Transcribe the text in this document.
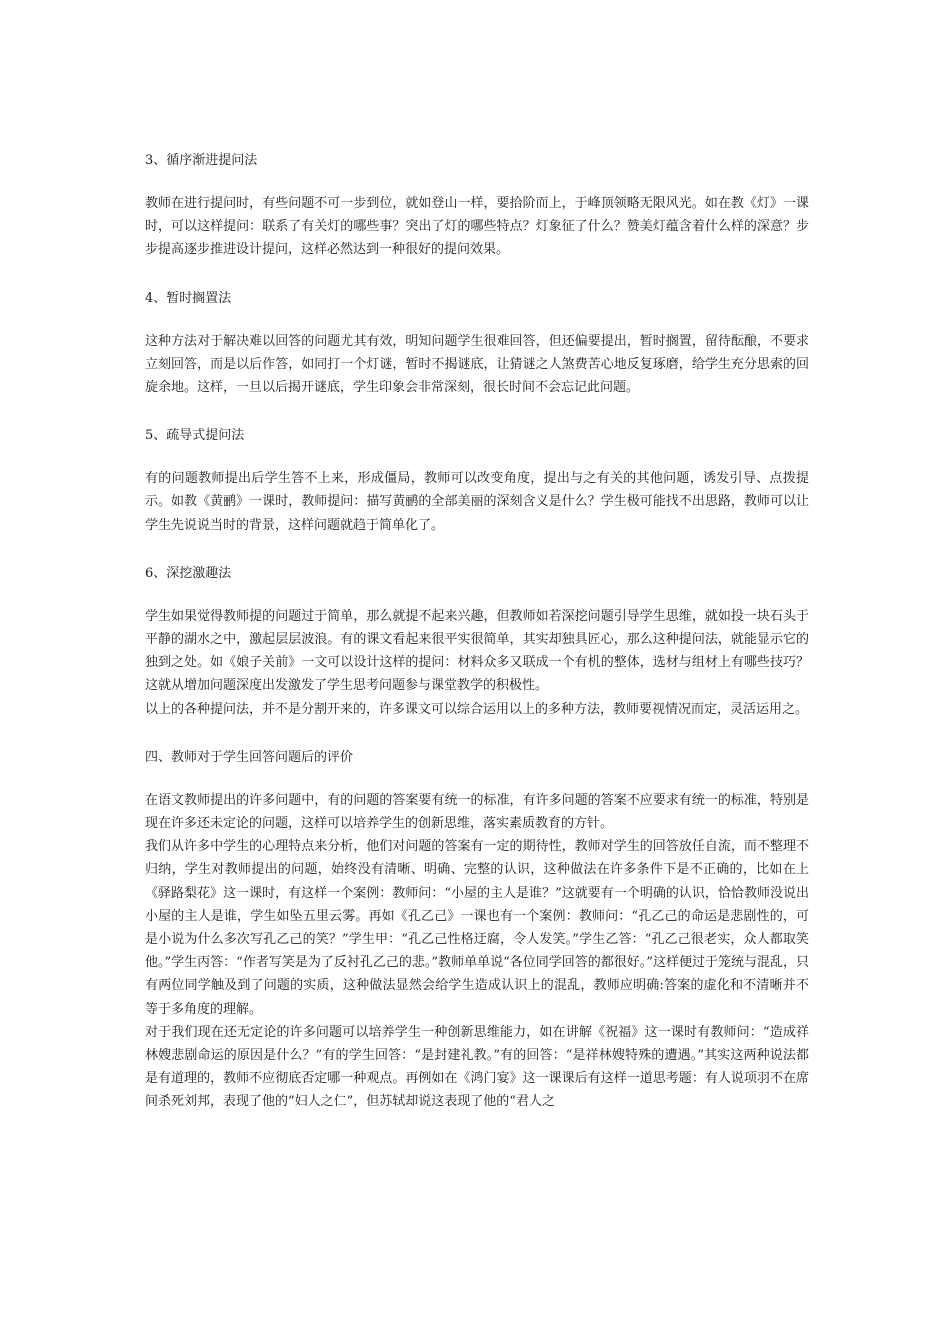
3、循序渐进提问法

教师在进行提问时，有些问题不可一步到位，就如登山一样，要拾阶而上，于峰顶领略无限风光。如在教《灯》一课时，可以这样提问：联系了有关灯的哪些事？突出了灯的哪些特点？灯象征了什么？赞美灯蕴含着什么样的深意？步步提高逐步推进设计提问，这样必然达到一种很好的提问效果。

4、暂时搁置法

这种方法对于解决难以回答的问题尤其有效，明知问题学生很难回答，但还偏要提出，暂时搁置，留待酝酿，不要求立刻回答，而是以后作答，如同打一个灯谜，暂时不揭谜底，让猜谜之人煞费苦心地反复琢磨，给学生充分思索的回旋余地。这样，一旦以后揭开谜底，学生印象会非常深刻，很长时间不会忘记此问题。

5、疏导式提问法

有的问题教师提出后学生答不上来，形成僵局，教师可以改变角度，提出与之有关的其他问题，诱发引导、点拨提示。如教《黄鹂》一课时，教师提问：描写黄鹂的全部美丽的深刻含义是什么？学生极可能找不出思路，教师可以让学生先说说当时的背景，这样问题就趋于简单化了。

6、深挖激趣法

学生如果觉得教师提的问题过于简单，那么就提不起来兴趣，但教师如若深挖问题引导学生思维，就如投一块石头于平静的湖水之中，激起层层波浪。有的课文看起来很平实很简单，其实却独具匠心，那么这种提问法，就能显示它的独到之处。如《娘子关前》一文可以设计这样的提问：材料众多又联成一个有机的整体，选材与组材上有哪些技巧？这就从增加问题深度出发激发了学生思考问题参与课堂教学的积极性。

以上的各种提问法，并不是分割开来的，许多课文可以综合运用以上的多种方法，教师要视情况而定，灵活运用之。

四、教师对于学生回答问题后的评价

在语文教师提出的许多问题中，有的问题的答案要有统一的标准，有许多问题的答案不应要求有统一的标准，特别是现在许多还未定论的问题，这样可以培养学生的创新思维，落实素质教育的方针。

我们从许多中学生的心理特点来分析，他们对问题的答案有一定的期待性，教师对学生的回答放任自流，而不整理不归纳，学生对教师提出的问题，始终没有清晰、明确、完整的认识，这种做法在许多条件下是不正确的，比如在上《驿路梨花》这一课时，有这样一个案例：教师问：“小屋的主人是谁？”这就要有一个明确的认识，恰恰教师没说出小屋的主人是谁，学生如坠五里云雾。再如《孔乙己》一课也有一个案例：教师问：“孔乙己的命运是悲剧性的，可是小说为什么多次写孔乙己的笑？”学生甲：“孔乙己性格迂腐，令人发笑。”学生乙答：“孔乙己很老实，众人都取笑他。”学生丙答：“作者写笑是为了反衬孔乙己的悲。”教师单单说“各位同学回答的都很好。”这样便过于笼统与混乱，只有两位同学触及到了问题的实质，这种做法显然会给学生造成认识上的混乱，教师应明确:答案的虚化和不清晰并不等于多角度的理解。

对于我们现在还无定论的许多问题可以培养学生一种创新思维能力，如在讲解《祝福》这一课时有教师问：“造成祥林嫂悲剧命运的原因是什么？”有的学生回答：“是封建礼教。”有的回答：“是祥林嫂特殊的遭遇。”其实这两种说法都是有道理的，教师不应彻底否定哪一种观点。再例如在《鸿门宴》这一课课后有这样一道思考题：有人说项羽不在席间杀死刘邦，表现了他的“妇人之仁”，但苏轼却说这表现了他的“君人之
